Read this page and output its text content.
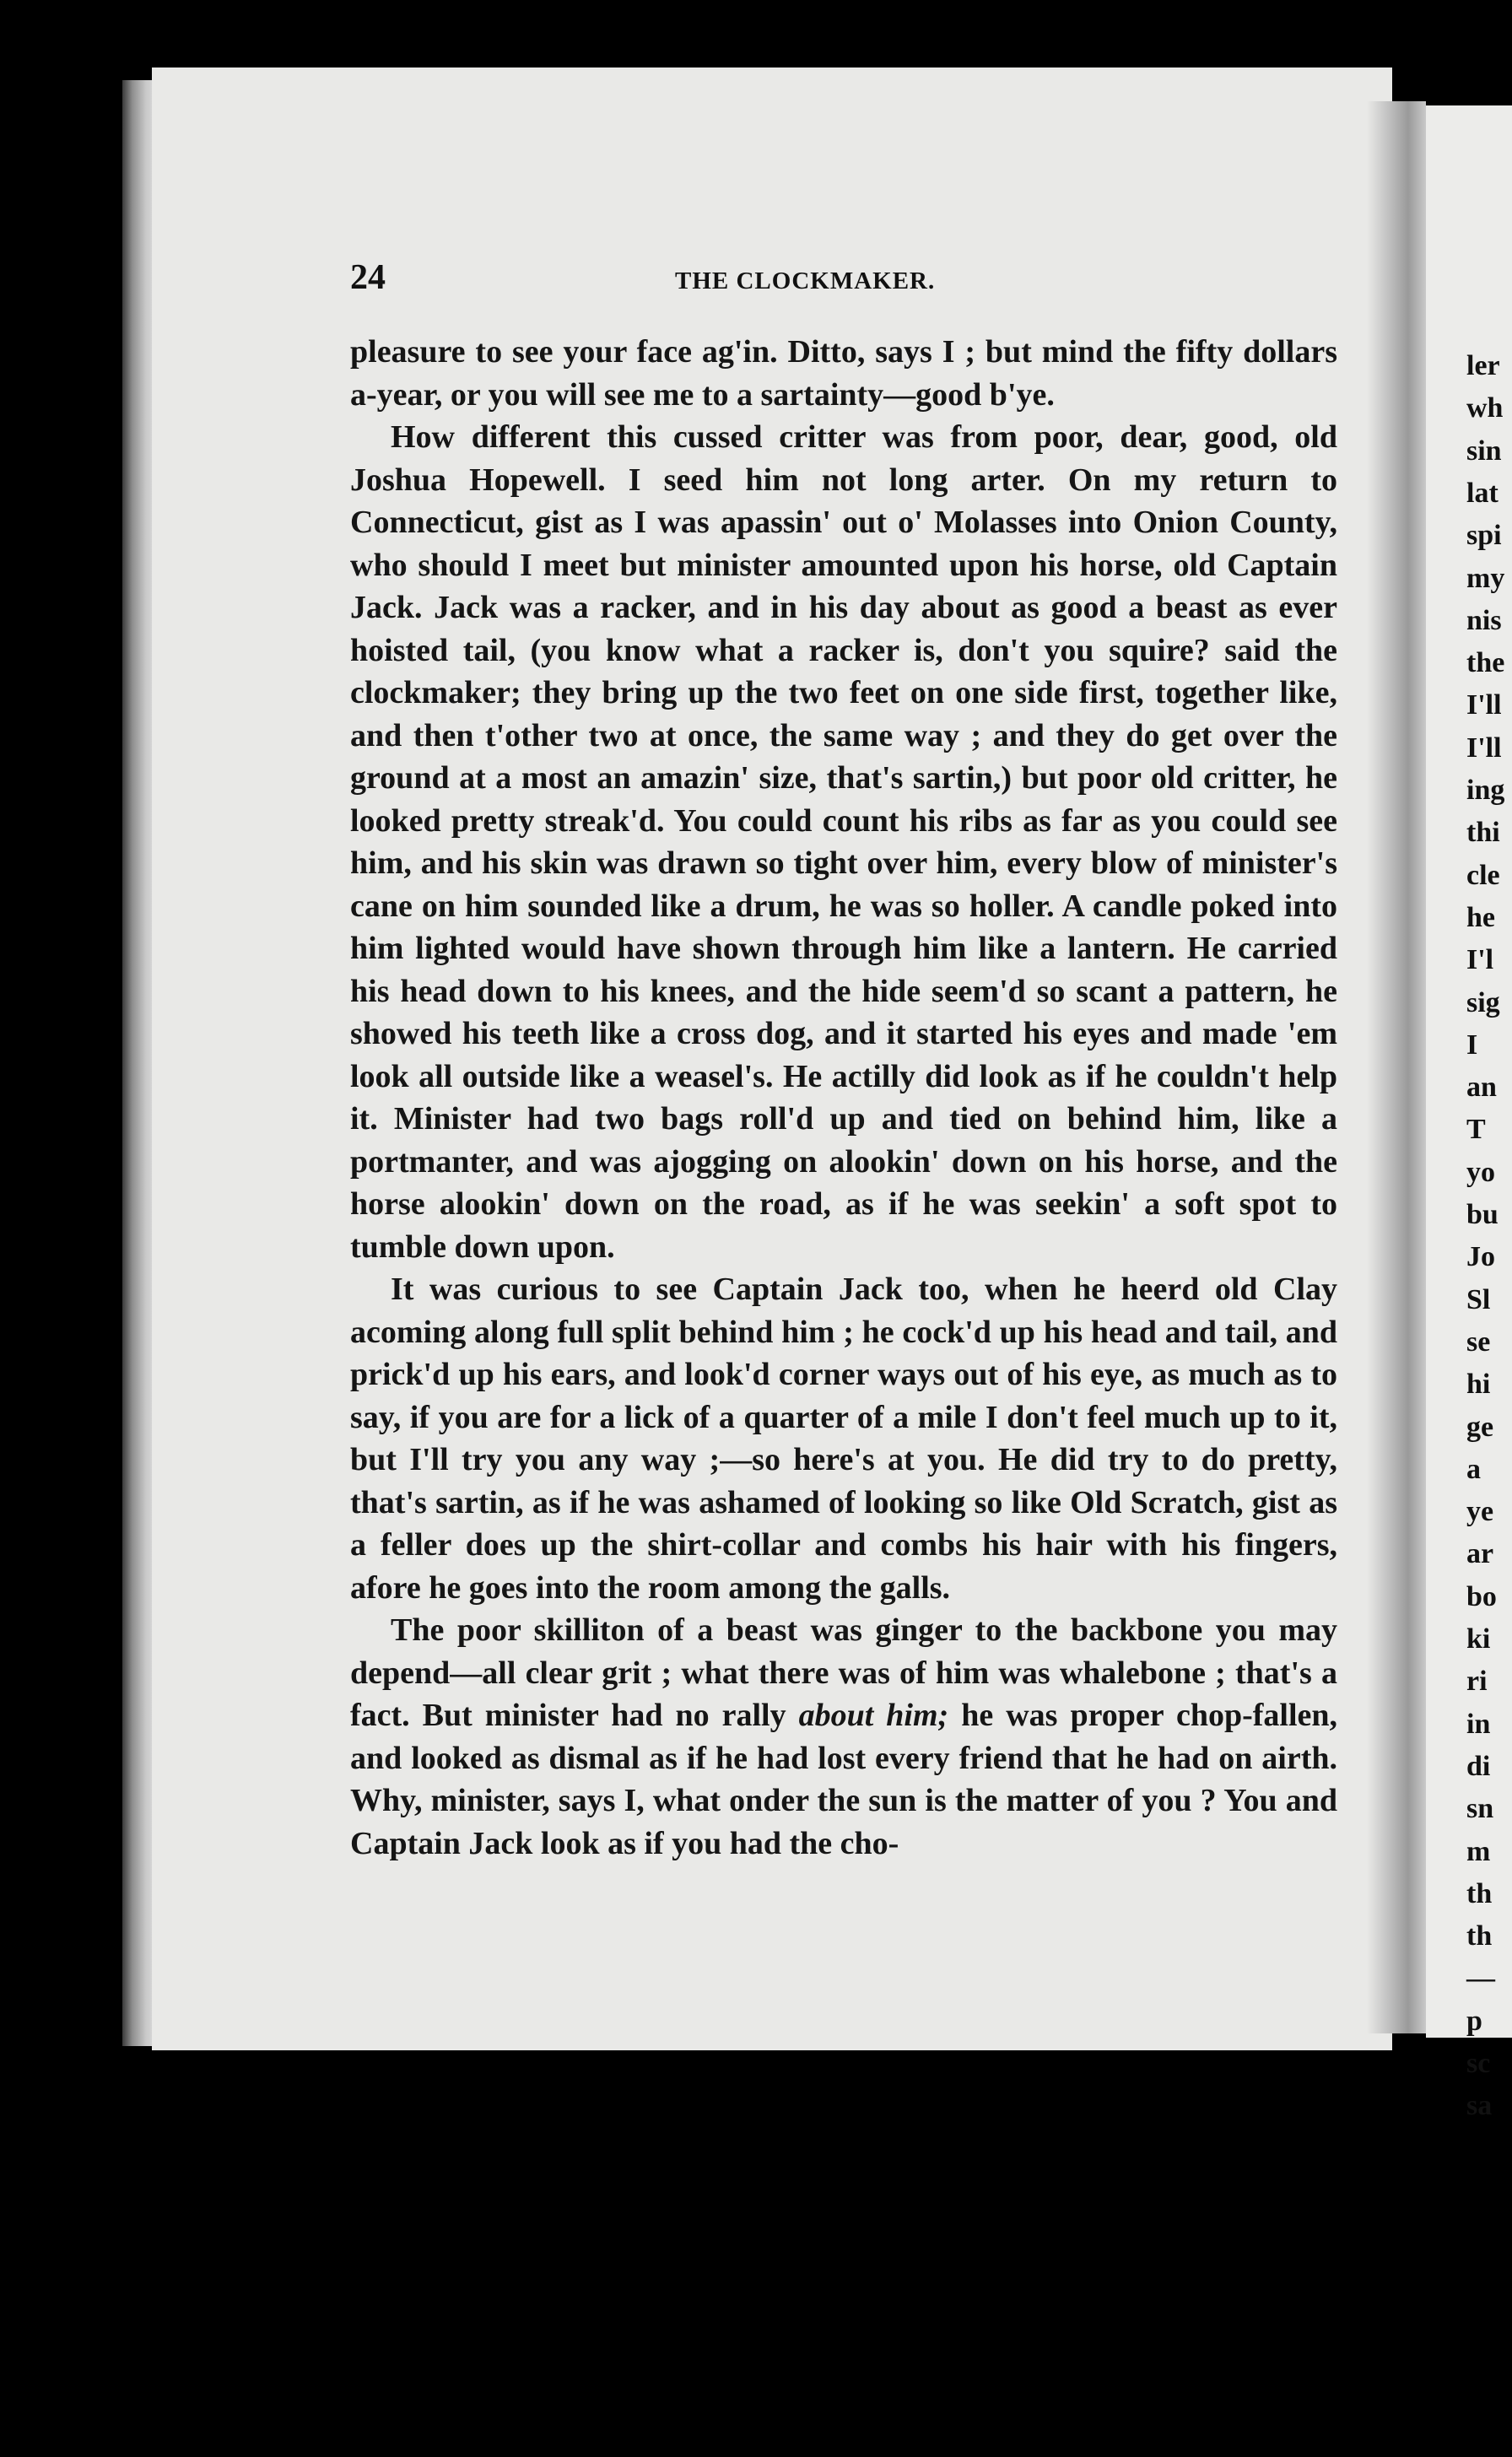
ler
wh
sin
lat
spi
my
nis
the
I'll
I'll
ing
thi
cle
he
I'l
sig
I
an
T
yo
bu
Jo
Sl
se
hi
ge
a
ye
ar
bo
ki
ri
in
di
sn
m
th
th
—
p
sc
sa
24	THE CLOCKMAKER.

pleasure to see your face ag'in. Ditto, says I ; but mind the fifty dollars a-year, or you will see me to a sartainty—good b'ye.

How different this cussed critter was from poor, dear, good, old Joshua Hopewell. I seed him not long arter. On my return to Connecticut, gist as I was apassin' out o' Molasses into Onion County, who should I meet but minister amounted upon his horse, old Captain Jack. Jack was a racker, and in his day about as good a beast as ever hoisted tail, (you know what a racker is, don't you squire? said the clockmaker; they bring up the two feet on one side first, together like, and then t'other two at once, the same way ; and they do get over the ground at a most an amazin' size, that's sartin,) but poor old critter, he looked pretty streak'd. You could count his ribs as far as you could see him, and his skin was drawn so tight over him, every blow of minister's cane on him sounded like a drum, he was so holler. A candle poked into him lighted would have shown through him like a lantern. He carried his head down to his knees, and the hide seem'd so scant a pattern, he showed his teeth like a cross dog, and it started his eyes and made 'em look all outside like a weasel's. He actilly did look as if he couldn't help it. Minister had two bags roll'd up and tied on behind him, like a portmanter, and was ajogging on alookin' down on his horse, and the horse alookin' down on the road, as if he was seekin' a soft spot to tumble down upon.

It was curious to see Captain Jack too, when he heerd old Clay acoming along full split behind him ; he cock'd up his head and tail, and prick'd up his ears, and look'd corner ways out of his eye, as much as to say, if you are for a lick of a quarter of a mile I don't feel much up to it, but I'll try you any way ;—so here's at you. He did try to do pretty, that's sartin, as if he was ashamed of looking so like Old Scratch, gist as a feller does up the shirt-collar and combs his hair with his fingers, afore he goes into the room among the galls.

The poor skilliton of a beast was ginger to the backbone you may depend—all clear grit ; what there was of him was whalebone ; that's a fact. But minister had no rally about him; he was proper chop-fallen, and looked as dismal as if he had lost every friend that he had on airth. Why, minister, says I, what onder the sun is the matter of you ? You and Captain Jack look as if you had the cho-
